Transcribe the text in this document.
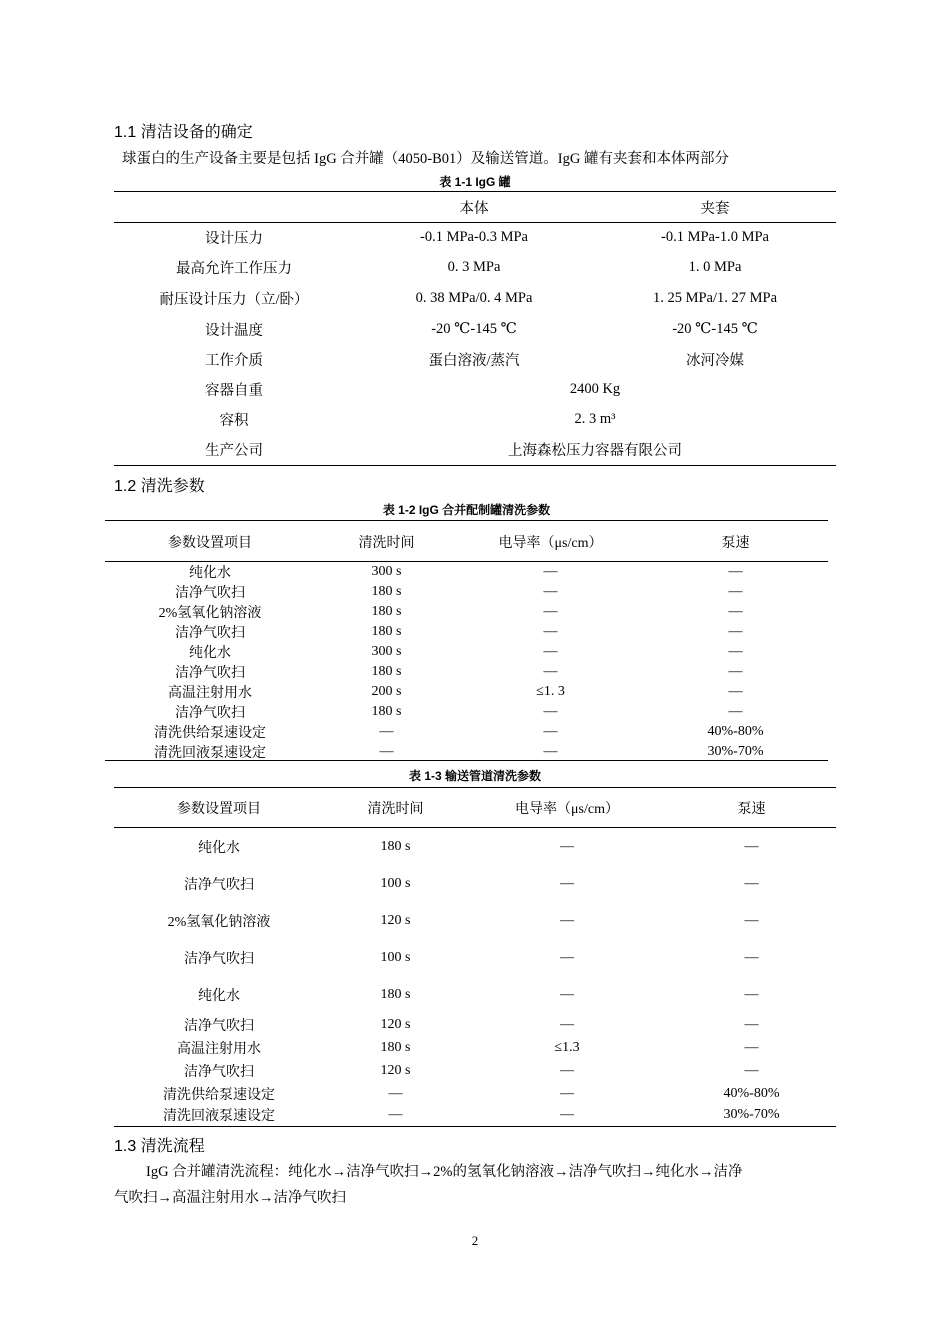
1.1 清洁设备的确定
球蛋白的生产设备主要是包括 IgG 合并罐（4050-B01）及输送管道。IgG 罐有夹套和本体两部分
表 1-1 IgG 罐
	本体	夹套
设计压力	-0.1 MPa-0.3 MPa	-0.1 MPa-1.0 MPa
最高允许工作压力	0. 3 MPa	1. 0 MPa
耐压设计压力（立/卧）	0. 38 MPa/0. 4 MPa	1. 25 MPa/1. 27 MPa
设计温度	-20 ℃-145 ℃	-20 ℃-145 ℃
工作介质	蛋白溶液/蒸汽	冰河冷媒
容器自重	2400 Kg	
容积	2. 3 m³	
生产公司	上海森松压力容器有限公司	
1.2 清洗参数
表 1-2 IgG 合并配制罐清洗参数
参数设置项目	清洗时间	电导率（μs/cm）	泵速
纯化水	300 s	—	—
洁净气吹扫	180 s	—	—
2%氢氧化钠溶液	180 s	—	—
洁净气吹扫	180 s	—	—
纯化水	300 s	—	—
洁净气吹扫	180 s	—	—
高温注射用水	200 s	≤1. 3	—
洁净气吹扫	180 s	—	—
清洗供给泵速设定	—	—	40%-80%
清洗回液泵速设定	—	—	30%-70%
表 1-3 输送管道清洗参数
参数设置项目	清洗时间	电导率（μs/cm）	泵速
纯化水	180 s	—	—
洁净气吹扫	100 s	—	—
2%氢氧化钠溶液	120 s	—	—
洁净气吹扫	100 s	—	—
纯化水	180 s	—	—
洁净气吹扫	120 s	—	—
高温注射用水	180 s	≤1.3	—
洁净气吹扫	120 s	—	—
清洗供给泵速设定	—	—	40%-80%
清洗回液泵速设定	—	—	30%-70%
1.3 清洗流程
IgG 合并罐清洗流程：纯化水→洁净气吹扫→2%的氢氧化钠溶液→洁净气吹扫→纯化水→洁净
气吹扫→高温注射用水→洁净气吹扫
2
